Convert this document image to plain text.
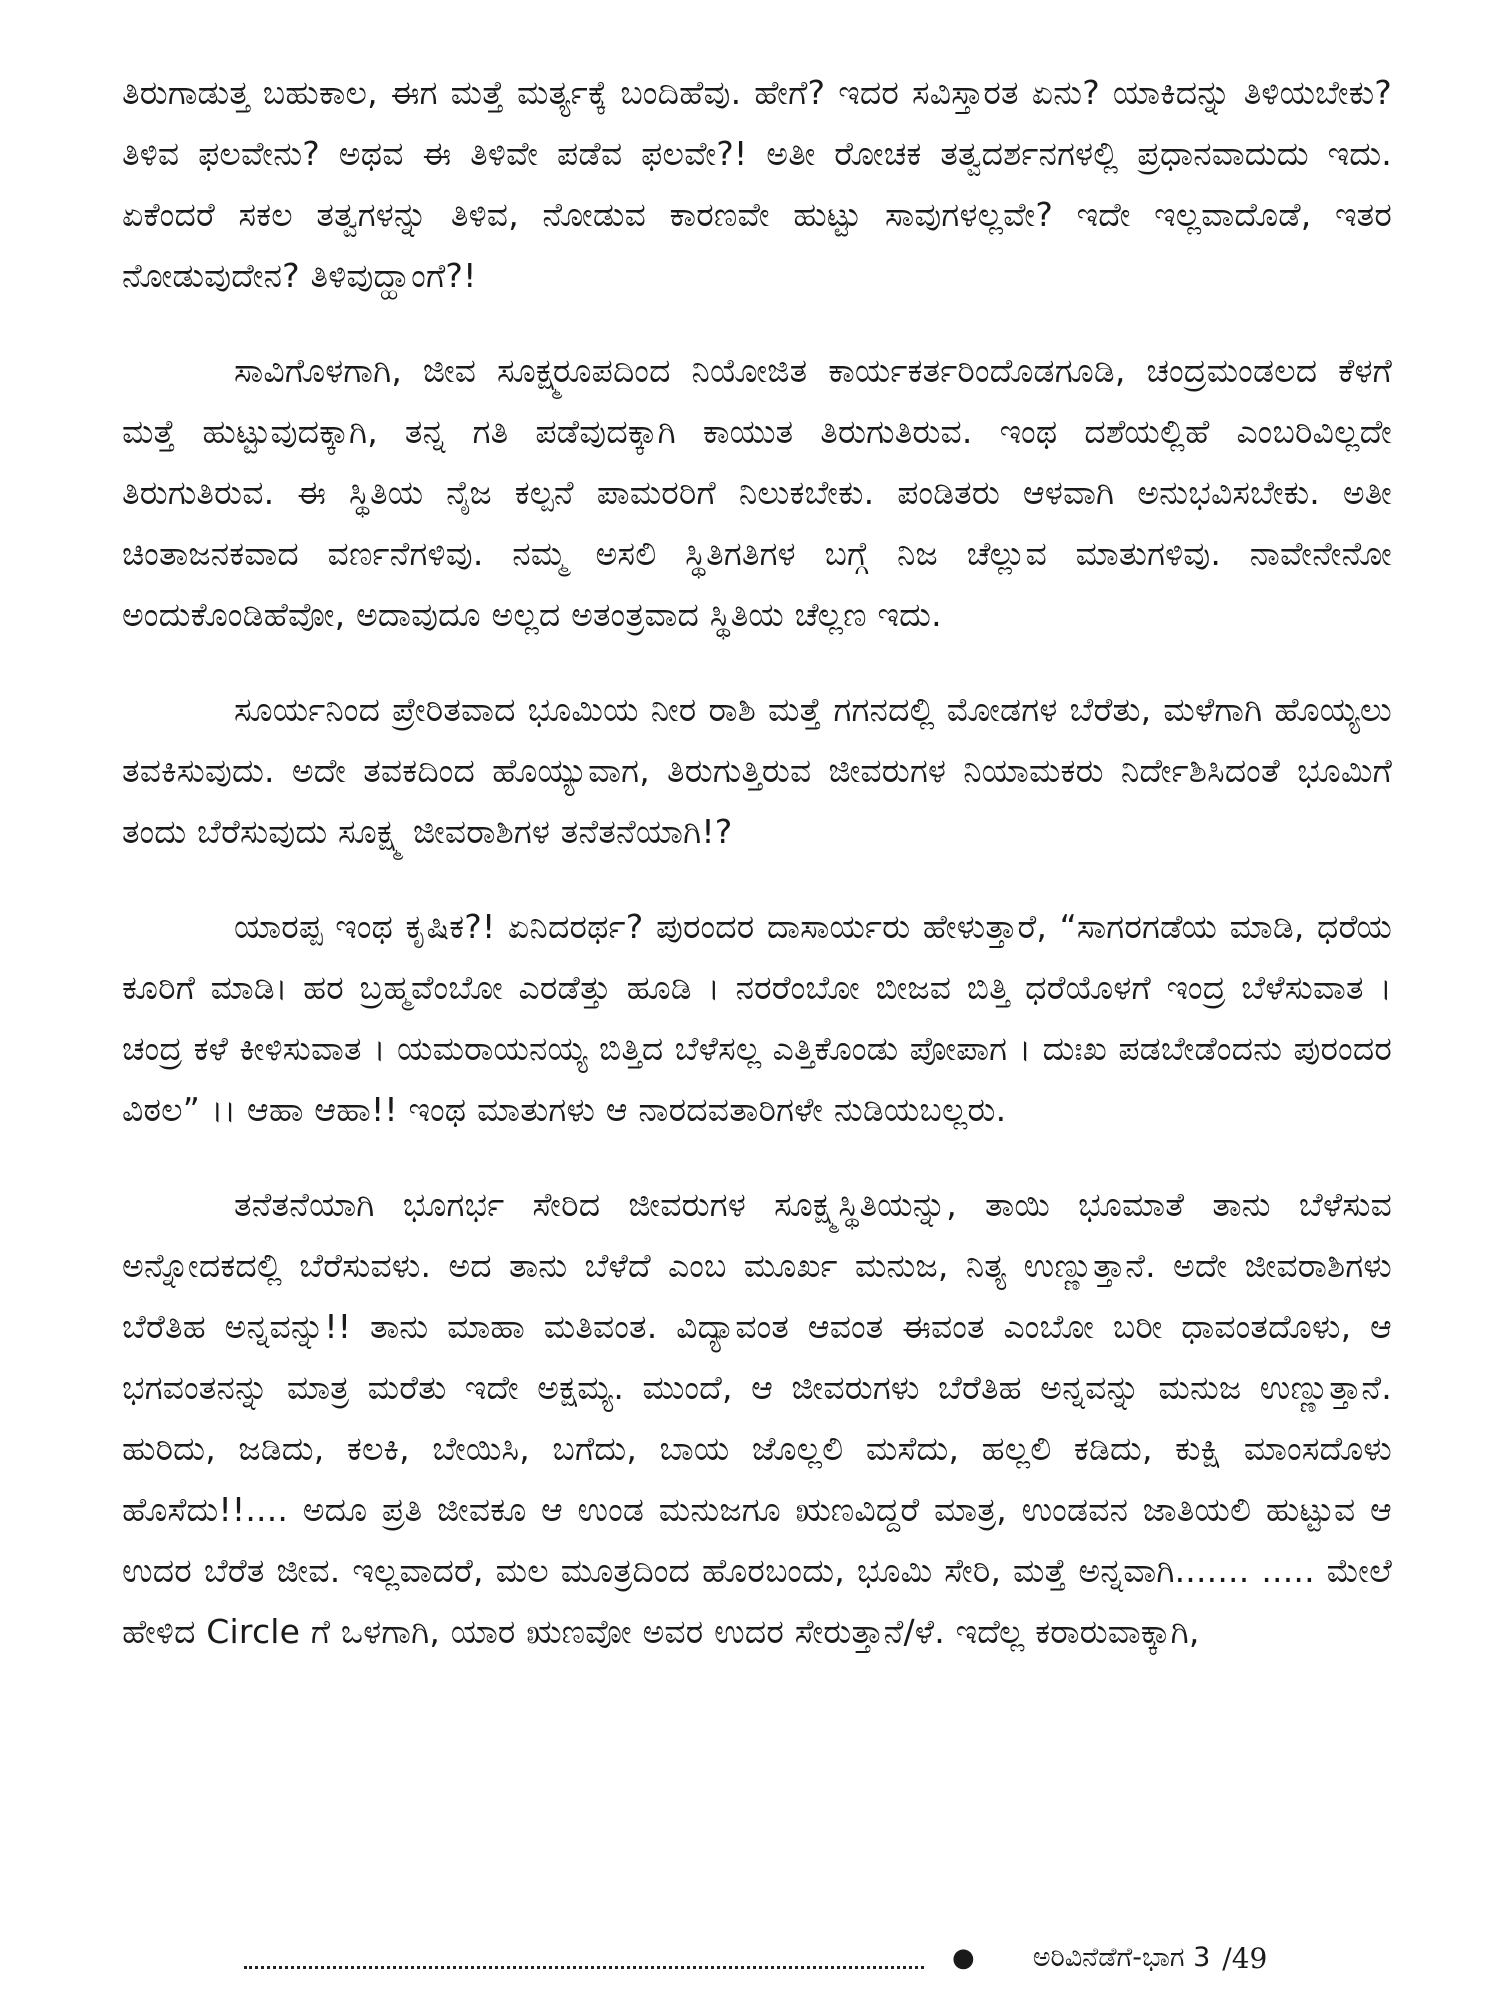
ತಿರುಗಾಡುತ್ತ ಬಹುಕಾಲ, ಈಗ ಮತ್ತೆ ಮರ್ತ್ಯಕ್ಕೆ ಬಂದಿಹೆವು. ಹೇಗೆ? ಇದರ ಸವಿಸ್ತಾರತ ಏನು? ಯಾಕಿದನ್ನು ತಿಳಿಯಬೇಕು? ತಿಳಿವ ಫಲವೇನು? ಅಥವ ಈ ತಿಳಿವೇ ಪಡೆವ ಫಲವೇ?! ಅತೀ ರೋಚಕ ತತ್ವದರ್ಶನಗಳಲ್ಲಿ ಪ್ರಧಾನವಾದುದು ಇದು. ಏಕೆಂದರೆ ಸಕಲ ತತ್ವಗಳನ್ನು ತಿಳಿವ, ನೋಡುವ ಕಾರಣವೇ ಹುಟ್ಟು ಸಾವುಗಳಲ್ಲವೇ? ಇದೇ ಇಲ್ಲವಾದೊಡೆ, ಇತರ ನೋಡುವುದೇನ? ತಿಳಿವುದ್ಹಾಂಗೆ?!

ಸಾವಿಗೊಳಗಾಗಿ, ಜೀವ ಸೂಕ್ಷ್ಮರೂಪದಿಂದ ನಿಯೋಜಿತ ಕಾರ್ಯಕರ್ತರಿಂದೊಡಗೂಡಿ, ಚಂದ್ರಮಂಡಲದ ಕೆಳಗೆ ಮತ್ತೆ ಹುಟ್ಟುವುದಕ್ಕಾಗಿ, ತನ್ನ ಗತಿ ಪಡೆವುದಕ್ಕಾಗಿ ಕಾಯುತ ತಿರುಗುತಿರುವ. ಇಂಥ ದಶೆಯಲ್ಲಿಹೆ ಎಂಬರಿವಿಲ್ಲದೇ ತಿರುಗುತಿರುವ. ಈ ಸ್ಥಿತಿಯ ನೈಜ ಕಲ್ಪನೆ ಪಾಮರರಿಗೆ ನಿಲುಕಬೇಕು. ಪಂಡಿತರು ಆಳವಾಗಿ ಅನುಭವಿಸಬೇಕು. ಅತೀ ಚಿಂತಾಜನಕವಾದ ವರ್ಣನೆಗಳಿವು. ನಮ್ಮ ಅಸಲಿ ಸ್ಥಿತಿಗತಿಗಳ ಬಗ್ಗೆ ನಿಜ ಚೆಲ್ಲುವ ಮಾತುಗಳಿವು. ನಾವೇನೇನೋ ಅಂದುಕೊಂಡಿಹೆವೋ, ಅದಾವುದೂ ಅಲ್ಲದ ಅತಂತ್ರವಾದ ಸ್ಥಿತಿಯ ಚೆಲ್ಲಣ ಇದು.

ಸೂರ್ಯನಿಂದ ಪ್ರೇರಿತವಾದ ಭೂಮಿಯ ನೀರ ರಾಶಿ ಮತ್ತೆ ಗಗನದಲ್ಲಿ ಮೋಡಗಳ ಬೆರೆತು, ಮಳೆಗಾಗಿ ಹೊಯ್ಯಲು ತವಕಿಸುವುದು. ಅದೇ ತವಕದಿಂದ ಹೊಯ್ಯುವಾಗ, ತಿರುಗುತ್ತಿರುವ ಜೀವರುಗಳ ನಿಯಾಮಕರು ನಿರ್ದೇಶಿಸಿದಂತೆ ಭೂಮಿಗೆ ತಂದು ಬೆರೆಸುವುದು ಸೂಕ್ಷ್ಮ ಜೀವರಾಶಿಗಳ ತನೆತನೆಯಾಗಿ!?

ಯಾರಪ್ಪ ಇಂಥ ಕೃಷಿಕ?! ಏನಿದರರ್ಥ? ಪುರಂದರ ದಾಸಾರ್ಯರು ಹೇಳುತ್ತಾರೆ, “ಸಾಗರಗಡೆಯ ಮಾಡಿ, ಧರೆಯ ಕೂರಿಗೆ ಮಾಡಿ। ಹರ ಬ್ರಹ್ಮವೆಂಬೋ ಎರಡೆತ್ತು ಹೂಡಿ । ನರರೆಂಬೋ ಬೀಜವ ಬಿತ್ತಿ ಧರೆಯೊಳಗೆ ಇಂದ್ರ ಬೆಳೆಸುವಾತ । ಚಂದ್ರ ಕಳೆ ಕೀಳಿಸುವಾತ । ಯಮರಾಯನಯ್ಯ ಬಿತ್ತಿದ ಬೆಳೆಸಲ್ಲ ಎತ್ತಿಕೊಂಡು ಪೋಪಾಗ । ದುಃಖ ಪಡಬೇಡೆಂದನು ಪುರಂದರ ವಿಠಲ” ।। ಆಹಾ ಆಹಾ!! ಇಂಥ ಮಾತುಗಳು ಆ ನಾರದವತಾರಿಗಳೇ ನುಡಿಯಬಲ್ಲರು.

ತನೆತನೆಯಾಗಿ ಭೂಗರ್ಭ ಸೇರಿದ ಜೀವರುಗಳ ಸೂಕ್ಷ್ಮಸ್ಥಿತಿಯನ್ನು, ತಾಯಿ ಭೂಮಾತೆ ತಾನು ಬೆಳೆಸುವ ಅನ್ನೋದಕದಲ್ಲಿ ಬೆರೆಸುವಳು. ಅದ ತಾನು ಬೆಳೆದೆ ಎಂಬ ಮೂರ್ಖ ಮನುಜ, ನಿತ್ಯ ಉಣ್ಣುತ್ತಾನೆ. ಅದೇ ಜೀವರಾಶಿಗಳು ಬೆರೆತಿಹ ಅನ್ನವನ್ನು!! ತಾನು ಮಾಹಾ ಮತಿವಂತ. ವಿದ್ಯಾವಂತ ಆವಂತ ಈವಂತ ಎಂಬೋ ಬರೀ ಧಾವಂತದೊಳು, ಆ ಭಗವಂತನನ್ನು ಮಾತ್ರ ಮರೆತು ಇದೇ ಅಕ್ಷಮ್ಯ. ಮುಂದೆ, ಆ ಜೀವರುಗಳು ಬೆರೆತಿಹ ಅನ್ನವನ್ನು ಮನುಜ ಉಣ್ಣುತ್ತಾನೆ. ಹುರಿದು, ಜಡಿದು, ಕಲಕಿ, ಬೇಯಿಸಿ, ಬಗೆದು, ಬಾಯ ಜೊಲ್ಲಲಿ ಮಸೆದು, ಹಲ್ಲಲಿ ಕಡಿದು, ಕುಕ್ಷಿ ಮಾಂಸದೊಳು ಹೊಸೆದು!!.... ಅದೂ ಪ್ರತಿ ಜೀವಕೂ ಆ ಉಂಡ ಮನುಜಗೂ ಋಣವಿದ್ದರೆ ಮಾತ್ರ, ಉಂಡವನ ಜಾತಿಯಲಿ ಹುಟ್ಟುವ ಆ ಉದರ ಬೆರೆತ ಜೀವ. ಇಲ್ಲವಾದರೆ, ಮಲ ಮೂತ್ರದಿಂದ ಹೊರಬಂದು, ಭೂಮಿ ಸೇರಿ, ಮತ್ತೆ ಅನ್ನವಾಗಿ....... ..... ಮೇಲೆ ಹೇಳಿದ Circle ಗೆ ಒಳಗಾಗಿ, ಯಾರ ಋಣವೋ ಅವರ ಉದರ ಸೇರುತ್ತಾನೆ/ಳೆ. ಇದೆಲ್ಲ ಕರಾರುವಾಕ್ಕಾಗಿ,

● ಅರಿವಿನೆಡೆಗೆ-ಭಾಗ 3 /49
